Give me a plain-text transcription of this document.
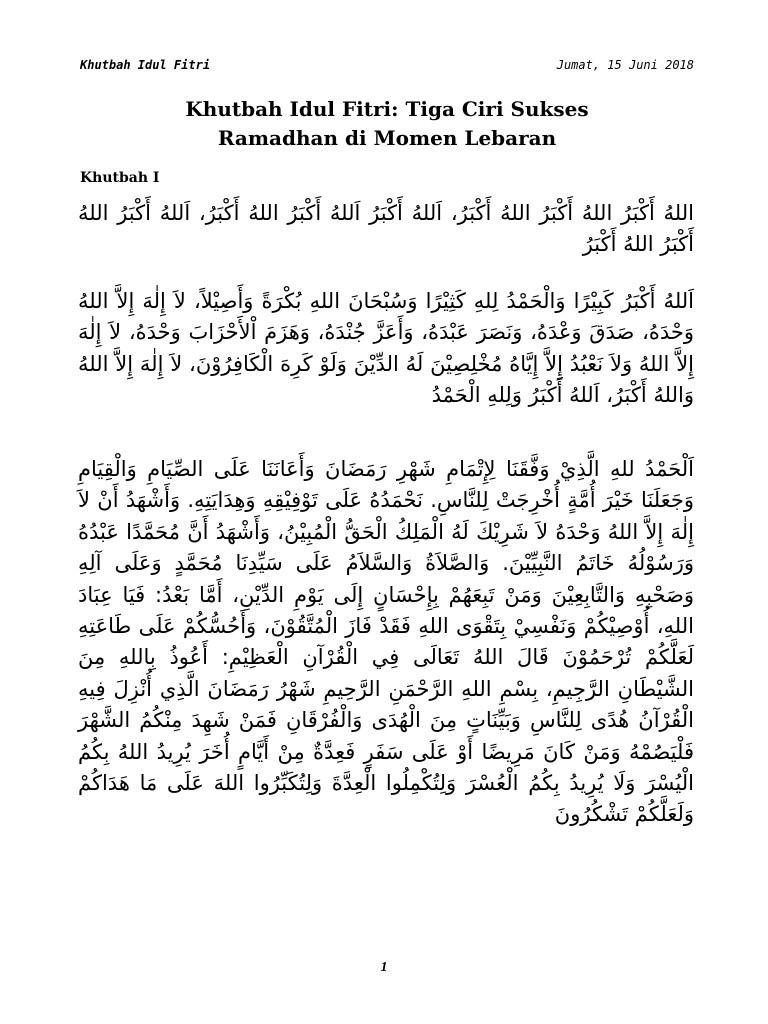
Khutbah Idul Fitri	Jumat, 15 Juni 2018
Khutbah Idul Fitri: Tiga Ciri Sukses
Ramadhan di Momen Lebaran
Khutbah I

اللهُ أَكْبَرُ اللهُ أَكْبَرُ اللهُ أَكْبَرُ، اَللهُ أَكْبَرُ اَللهُ أَكْبَرُ اللهُ أَكْبَرُ، اَللهُ أَكْبَرُ اللهُ أَكْبَرُ اللهُ أَكْبَرُ

اَللهُ أَكْبَرُ كَبِيْرًا وَالْحَمْدُ لِلهِ كَثِيْرًا وَسُبْحَانَ اللهِ بُكْرَةً وَأَصِيْلاً، لاَ إِلٰهَ إِلاَّ اللهُ وَحْدَهُ، صَدَقَ وَعْدَهُ، وَنَصَرَ عَبْدَهُ، وَأَعَزَّ جُنْدَهُ، وَهَزَمَ اْلأَحْزَابَ وَحْدَهُ، لاَ إِلٰهَ إِلاَّ اللهُ وَلاَ نَعْبُدُ إِلاَّ إِيَّاهُ مُخْلِصِيْنَ لَهُ الدِّيْنَ وَلَوْ كَرِهَ الْكَافِرُوْنَ، لاَ إِلٰهَ إِلاَّ اللهُ وَاللهُ أَكْبَرُ، اَللهُ أَكْبَرُ وَلِلهِ الْحَمْدُ

اَلْحَمْدُ للهِ الَّذِيْ وَفَّقَنَا لِإِتْمَامِ شَهْرِ رَمَضَانَ وَأَعَانَنَا عَلَى الصِّيَامِ وَالْقِيَامِ وَجَعَلَنَا خَيْرَ أُمَّةٍ أُخْرِجَتْ لِلنَّاسِ. نَحْمَدُهُ عَلَى تَوْفِيْقِهِ وَهِدَايَتِهِ. وَأَشْهَدُ أَنْ لاَ إِلٰهَ إِلاَّ اللهُ وَحْدَهُ لاَ شَرِيْكَ لَهُ الْمَلِكُ الْحَقُّ الْمُبِيْنُ، وَأَشْهَدُ أَنَّ مُحَمَّدًا عَبْدُهُ وَرَسُوْلُهُ خَاتَمُ النَّبِيِّيْنَ. وَالصَّلاَةُ وَالسَّلاَمُ عَلَى سَيِّدِنَا مُحَمَّدٍ وَعَلَى آلِهِ وَصَحْبِهِ وَالتَّابِعِيْنَ وَمَنْ تَبِعَهُمْ بِإِحْسَانٍ إِلَى يَوْمِ الدِّيْنِ، أَمَّا بَعْدُ: فَيَا عِبَادَ اللهِ، أُوْصِيْكُمْ وَنَفْسِيْ بِتَقْوَى اللهِ فَقَدْ فَازَ الْمُتَّقُوْنَ، وَأَحُسُّكُمْ عَلَى طَاعَتِهِ لَعَلَّكُمْ تُرْحَمُوْنَ قَالَ اللهُ تَعَالَى فِي الْقُرْآنِ الْعَظِيْمِ: أَعُوذُ بِاللهِ مِنَ الشَّيْطَانِ الرَّجِيمِ، بِسْمِ اللهِ الرَّحْمَنِ الرَّحِيمِ شَهْرُ رَمَضَانَ الَّذِي أُنْزِلَ فِيهِ الْقُرْآنُ هُدًى لِلنَّاسِ وَبَيِّنَاتٍ مِنَ الْهُدَى وَالْفُرْقَانِ فَمَنْ شَهِدَ مِنْكُمُ الشَّهْرَ فَلْيَصُمْهُ وَمَنْ كَانَ مَرِيضًا أَوْ عَلَى سَفَرٍ فَعِدَّةٌ مِنْ أَيَّامٍ أُخَرَ يُرِيدُ اللهُ بِكُمُ الْيُسْرَ وَلَا يُرِيدُ بِكُمُ الْعُسْرَ وَلِتُكْمِلُوا الْعِدَّةَ وَلِتُكَبِّرُوا اللهَ عَلَى مَا هَدَاكُمْ وَلَعَلَّكُمْ تَشْكُرُونَ

1
